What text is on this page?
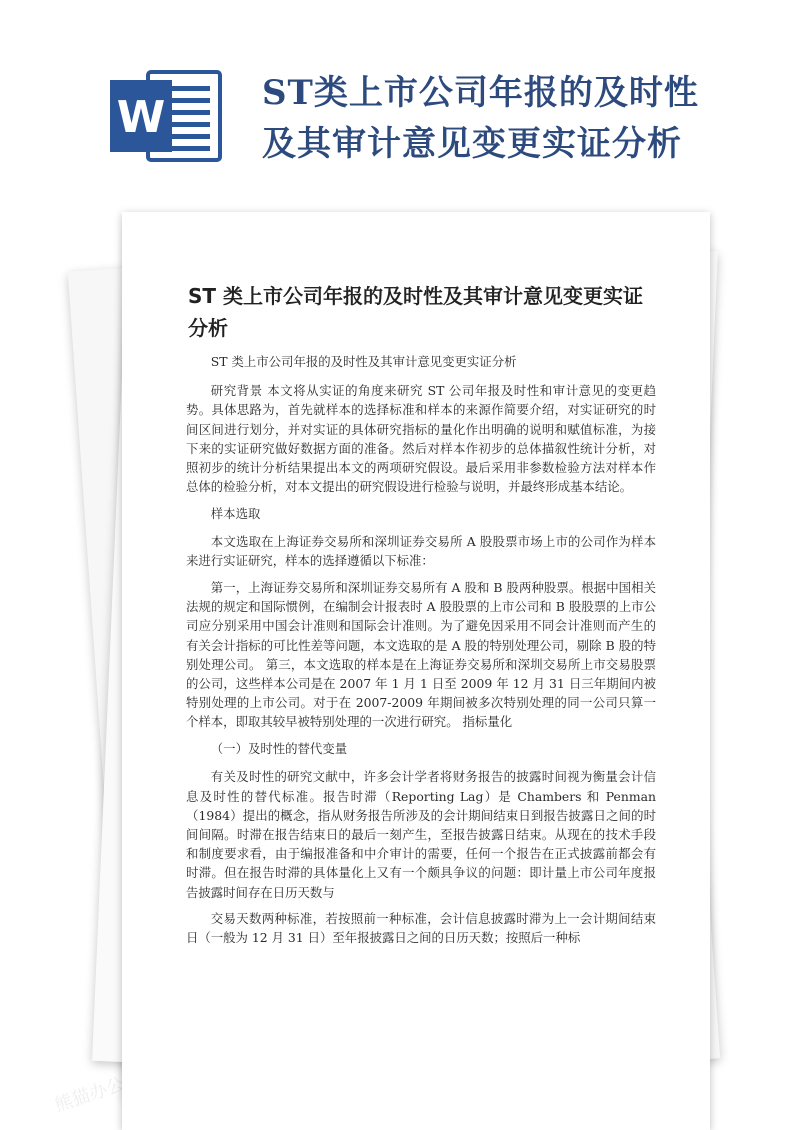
W	ST类上市公司年报的及时性
及其审计意见变更实证分析
熊猫办公
ST 类上市公司年报的及时性及其审计意见变更实证分析

ST 类上市公司年报的及时性及其审计意见变更实证分析

研究背景 本文将从实证的角度来研究 ST 公司年报及时性和审计意见的变更趋势。具体思路为，首先就样本的选择标准和样本的来源作简要介绍，对实证研究的时间区间进行划分，并对实证的具体研究指标的量化作出明确的说明和赋值标准，为接下来的实证研究做好数据方面的准备。然后对样本作初步的总体描叙性统计分析，对照初步的统计分析结果提出本文的两项研究假设。最后采用非参数检验方法对样本作总体的检验分析，对本文提出的研究假设进行检验与说明，并最终形成基本结论。

样本选取

本文选取在上海证券交易所和深圳证券交易所 A 股股票市场上市的公司作为样本来进行实证研究，样本的选择遵循以下标准：

第一，上海证券交易所和深圳证券交易所有 A 股和 B 股两种股票。根据中国相关法规的规定和国际惯例，在编制会计报表时 A 股股票的上市公司和 B 股股票的上市公司应分别采用中国会计准则和国际会计准则。为了避免因采用不同会计准则而产生的有关会计指标的可比性差等问题，本文选取的是 A 股的特别处理公司，剔除 B 股的特别处理公司。 第三，本文选取的样本是在上海证券交易所和深圳交易所上市交易股票的公司，这些样本公司是在 2007 年 1 月 1 日至 2009 年 12 月 31 日三年期间内被特别处理的上市公司。对于在 2007-2009 年期间被多次特别处理的同一公司只算一个样本，即取其较早被特别处理的一次进行研究。 指标量化

（一）及时性的替代变量

有关及时性的研究文献中，许多会计学者将财务报告的披露时间视为衡量会计信息及时性的替代标准。报告时滞（Reporting Lag）是 Chambers 和 Penman（1984）提出的概念，指从财务报告所涉及的会计期间结束日到报告披露日之间的时间间隔。时滞在报告结束日的最后一刻产生，至报告披露日结束。从现在的技术手段和制度要求看，由于编报准备和中介审计的需要，任何一个报告在正式披露前都会有时滞。但在报告时滞的具体量化上又有一个颇具争议的问题：即计量上市公司年度报告披露时间存在日历天数与

交易天数两种标准，若按照前一种标准，会计信息披露时滞为上一会计期间结束日（一般为 12 月 31 日）至年报披露日之间的日历天数；按照后一种标
